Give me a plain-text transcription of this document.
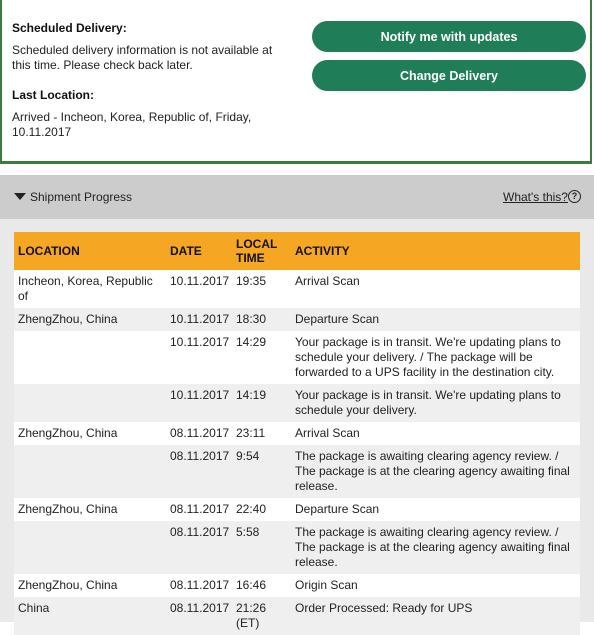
Scheduled Delivery:
Scheduled delivery information is not available at this time. Please check back later.
Last Location:
Arrived - Incheon, Korea, Republic of, Friday, 10.11.2017
Notify me with updates
Change Delivery
Shipment Progress	What's this? ?
LOCATION	DATE	LOCAL TIME	ACTIVITY
Incheon, Korea, Republic of	10.11.2017	19:35	Arrival Scan
ZhengZhou, China	10.11.2017	18:30	Departure Scan
	10.11.2017	14:29	Your package is in transit. We're updating plans to schedule your delivery. / The package will be forwarded to a UPS facility in the destination city.
	10.11.2017	14:19	Your package is in transit. We're updating plans to schedule your delivery.
ZhengZhou, China	08.11.2017	23:11	Arrival Scan
	08.11.2017	9:54	The package is awaiting clearing agency review. / The package is at the clearing agency awaiting final release.
ZhengZhou, China	08.11.2017	22:40	Departure Scan
	08.11.2017	5:58	The package is awaiting clearing agency review. / The package is at the clearing agency awaiting final release.
ZhengZhou, China	08.11.2017	16:46	Origin Scan
China	08.11.2017	21:26 (ET)	Order Processed: Ready for UPS
